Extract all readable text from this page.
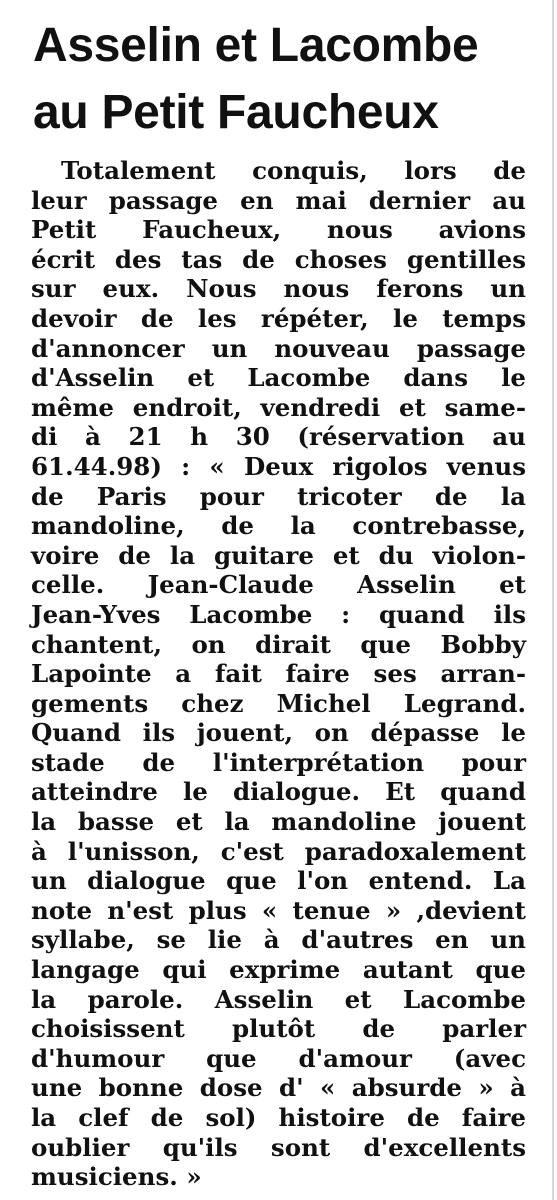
Asselin et Lacombe
au Petit Faucheux
Totalement conquis, lors de
leur passage en mai dernier au
Petit Faucheux, nous avions
écrit des tas de choses gentilles
sur eux. Nous nous ferons un
devoir de les répéter, le temps
d'annoncer un nouveau passage
d'Asselin et Lacombe dans le
même endroit, vendredi et same-
di à 21 h 30 (réservation au
61.44.98) : « Deux rigolos venus
de Paris pour tricoter de la
mandoline, de la contrebasse,
voire de la guitare et du violon-
celle. Jean-Claude Asselin et
Jean-Yves Lacombe : quand ils
chantent, on dirait que Bobby
Lapointe a fait faire ses arran-
gements chez Michel Legrand.
Quand ils jouent, on dépasse le
stade de l'interprétation pour
atteindre le dialogue. Et quand
la basse et la mandoline jouent
à l'unisson, c'est paradoxalement
un dialogue que l'on entend. La
note n'est plus « tenue » ,devient
syllabe, se lie à d'autres en un
langage qui exprime autant que
la parole. Asselin et Lacombe
choisissent plutôt de parler
d'humour que d'amour (avec
une bonne dose d' « absurde » à
la clef de sol) histoire de faire
oublier qu'ils sont d'excellents
musiciens. »
